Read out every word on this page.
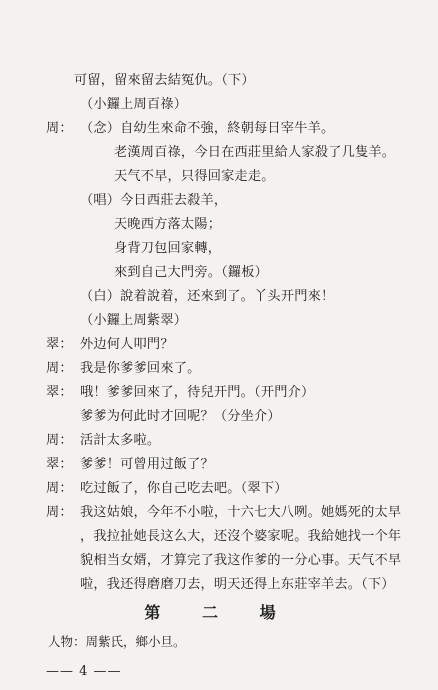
可留，留來留去結冤仇。（下）
（小鑼上周百祿）
周： （念）自幼生來命不強，終朝每日宰牛羊。
老漢周百祿，今日在西莊里給人家殺了几隻羊。
天气不早，只得回家走走。
（唱）今日西莊去殺羊，
天晚西方落太陽；
身背刀包回家轉，
來到自己大門旁。（鑼板）
（白）說着說着，还來到了。丫头开門來！
（小鑼上周紫翠）
翠： 外边何人叩門？
周： 我是你爹爹回來了。
翠： 哦！爹爹回來了，待兒开門。（开門介）
爹爹为何此时才回呢？（分坐介）
周： 活計太多啦。
翠： 爹爹！可曾用过飯了？
周： 吃过飯了，你自己吃去吧。（翠下）
周： 我这姑娘，今年不小啦，十六七大八咧。她媽死的太早
，我拉扯她長这么大，还沒个婆家呢。我給她找一个年
貌相当女婿，才算完了我这作爹的一分心事。天气不早
啦，我还得磨磨刀去，明天还得上东莊宰羊去。（下）
第 二 場
人物：周紫氏，鄉小旦。
—— 4 ——
